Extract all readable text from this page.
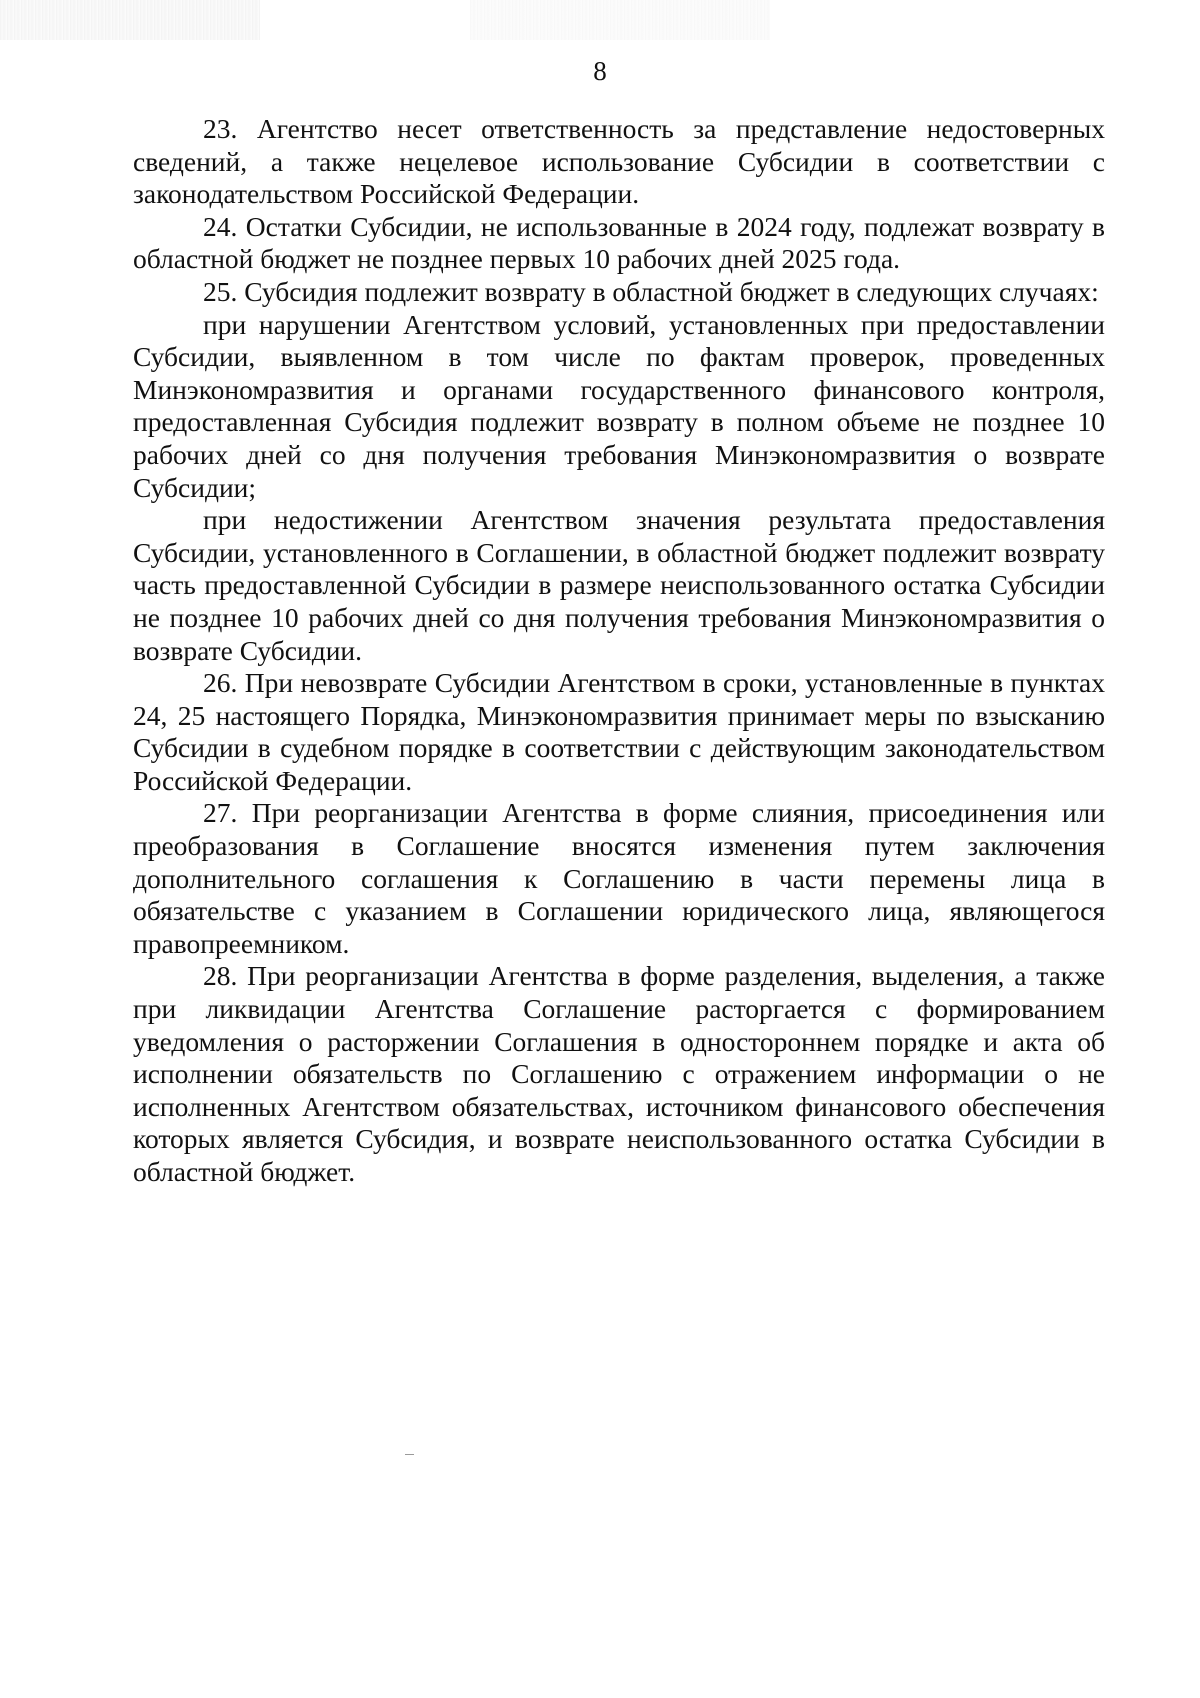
8

23. Агентство несет ответственность за представление недостоверных сведений, а также нецелевое использование Субсидии в соответствии с законодательством Российской Федерации.

24. Остатки Субсидии, не использованные в 2024 году, подлежат возврату в областной бюджет не позднее первых 10 рабочих дней 2025 года.

25. Субсидия подлежит возврату в областной бюджет в следующих случаях:

при нарушении Агентством условий, установленных при предоставлении Субсидии, выявленном в том числе по фактам проверок, проведенных Минэкономразвития и органами государственного финансового контроля, предоставленная Субсидия подлежит возврату в полном объеме не позднее 10 рабочих дней со дня получения требования Минэкономразвития о возврате Субсидии;

при недостижении Агентством значения результата предоставления Субсидии, установленного в Соглашении, в областной бюджет подлежит возврату часть предоставленной Субсидии в размере неиспользованного остатка Субсидии не позднее 10 рабочих дней со дня получения требования Минэкономразвития о возврате Субсидии.

26. При невозврате Субсидии Агентством в сроки, установленные в пунктах 24, 25 настоящего Порядка, Минэкономразвития принимает меры по взысканию Субсидии в судебном порядке в соответствии с действующим законодательством Российской Федерации.

27. При реорганизации Агентства в форме слияния, присоединения или преобразования в Соглашение вносятся изменения путем заключения дополнительного соглашения к Соглашению в части перемены лица в обязательстве с указанием в Соглашении юридического лица, являющегося правопреемником.

28. При реорганизации Агентства в форме разделения, выделения, а также при ликвидации Агентства Соглашение расторгается с формированием уведомления о расторжении Соглашения в одностороннем порядке и акта об исполнении обязательств по Соглашению с отражением информации о не исполненных Агентством обязательствах, источником финансового обеспечения которых является Субсидия, и возврате неиспользованного остатка Субсидии в областной бюджет.
